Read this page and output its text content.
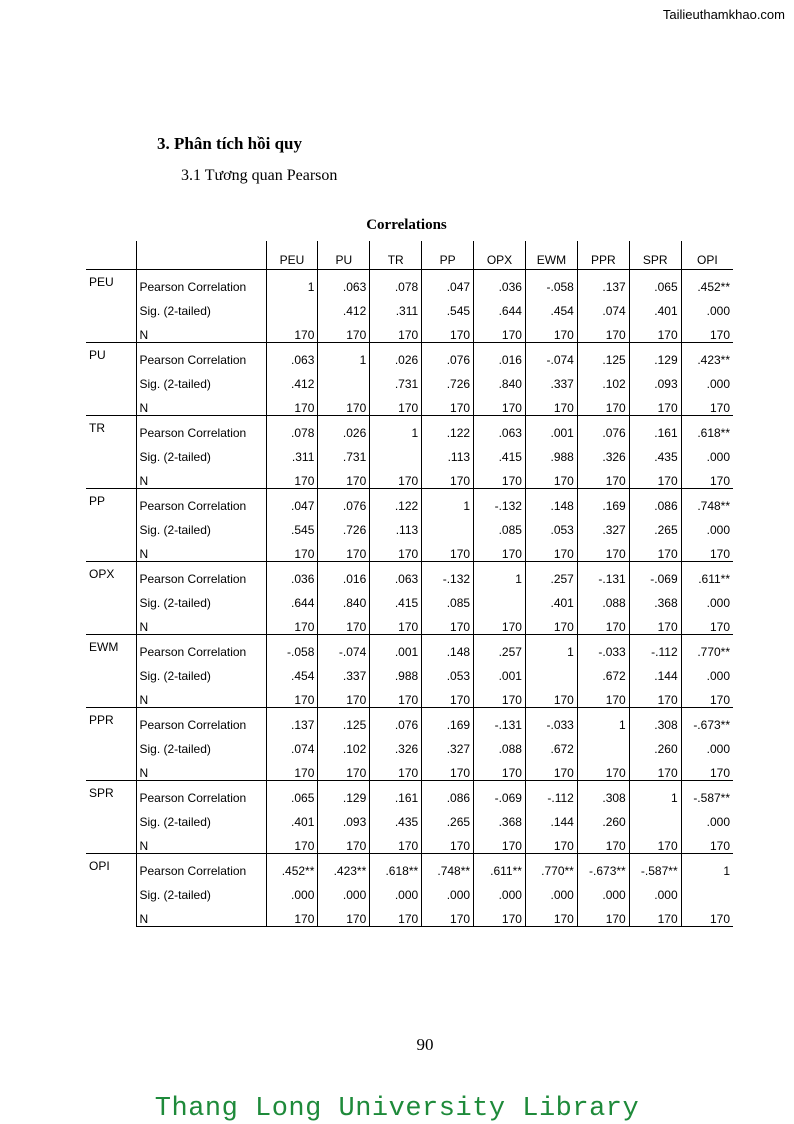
Tailieuthamkhao.com
3. Phân tích hồi quy
3.1 Tương quan Pearson
Correlations
		PEU	PU	TR	PP	OPX	EWM	PPR	SPR	OPI
PEU	Pearson Correlation	1	.063	.078	.047	.036	-.058	.137	.065	.452**
	Sig. (2-tailed)		.412	.311	.545	.644	.454	.074	.401	.000
	N	170	170	170	170	170	170	170	170	170
PU	Pearson Correlation	.063	1	.026	.076	.016	-.074	.125	.129	.423**
	Sig. (2-tailed)	.412		.731	.726	.840	.337	.102	.093	.000
	N	170	170	170	170	170	170	170	170	170
TR	Pearson Correlation	.078	.026	1	.122	.063	.001	.076	.161	.618**
	Sig. (2-tailed)	.311	.731		.113	.415	.988	.326	.435	.000
	N	170	170	170	170	170	170	170	170	170
PP	Pearson Correlation	.047	.076	.122	1	-.132	.148	.169	.086	.748**
	Sig. (2-tailed)	.545	.726	.113		.085	.053	.327	.265	.000
	N	170	170	170	170	170	170	170	170	170
OPX	Pearson Correlation	.036	.016	.063	-.132	1	.257	-.131	-.069	.611**
	Sig. (2-tailed)	.644	.840	.415	.085		.401	.088	.368	.000
	N	170	170	170	170	170	170	170	170	170
EWM	Pearson Correlation	-.058	-.074	.001	.148	.257	1	-.033	-.112	.770**
	Sig. (2-tailed)	.454	.337	.988	.053	.001		.672	.144	.000
	N	170	170	170	170	170	170	170	170	170
PPR	Pearson Correlation	.137	.125	.076	.169	-.131	-.033	1	.308	-.673**
	Sig. (2-tailed)	.074	.102	.326	.327	.088	.672		.260	.000
	N	170	170	170	170	170	170	170	170	170
SPR	Pearson Correlation	.065	.129	.161	.086	-.069	-.112	.308	1	-.587**
	Sig. (2-tailed)	.401	.093	.435	.265	.368	.144	.260		.000
	N	170	170	170	170	170	170	170	170	170
OPI	Pearson Correlation	.452**	.423**	.618**	.748**	.611**	.770**	-.673**	-.587**	1
	Sig. (2-tailed)	.000	.000	.000	.000	.000	.000	.000	.000	
	N	170	170	170	170	170	170	170	170	170
90
Thang Long University Library
